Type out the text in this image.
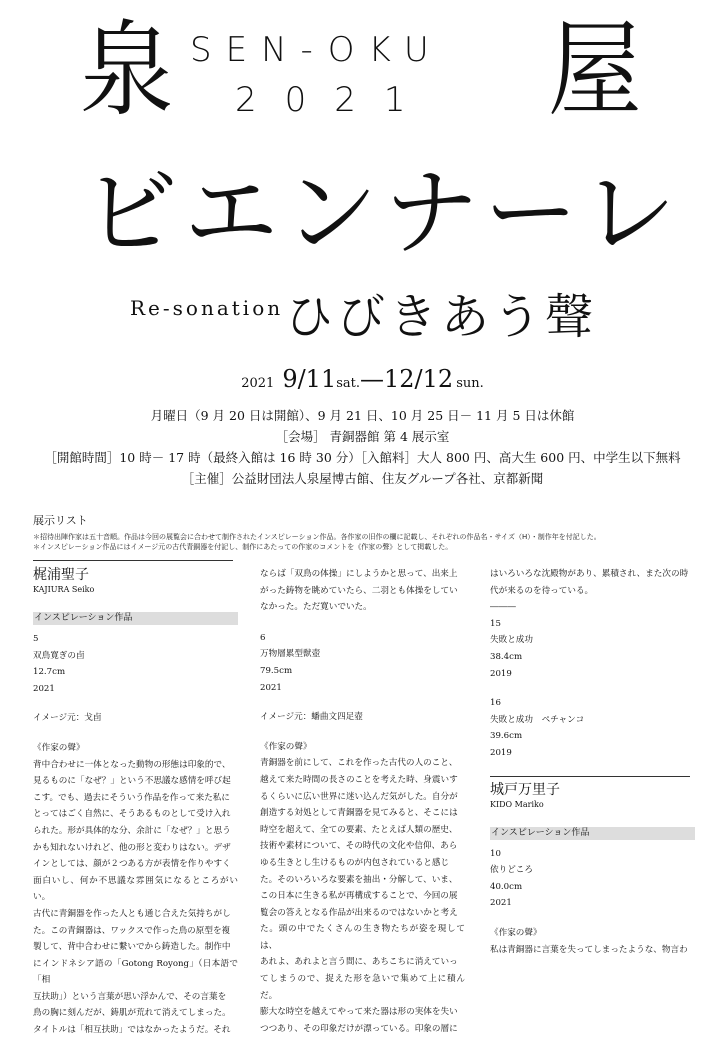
泉 SEN-OKU
2021 屋
ビエンナーレ
Re-sonation ひびきあう聲
2021 9/11sat.—12/12 sun.
月曜日（9 月 20 日は開館）、9 月 21 日、10 月 25 日－ 11 月 5 日は休館
［会場］ 青銅器館 第 4 展示室
［開館時間］10 時－ 17 時（最終入館は 16 時 30 分）［入館料］大人 800 円、高大生 600 円、中学生以下無料
［主催］公益財団法人泉屋博古館、住友グループ各社、京都新聞
展示リスト
＊招待出陣作家は五十音順。作品は今回の展覧会に合わせて制作されたインスピレーション作品。各作家の旧作の欄に記載し、それぞれの作品名・サイズ（H）・制作年を付記した。
＊インスピレーション作品にはイメージ元の古代青銅器を付記し、制作にあたっての作家のコメントを《作家の聲》として掲載した。
梶浦聖子
KAJIURA Seiko
インスピレーション作品

5

双鳥寛ぎの卣

12.7cm

2021

イメージ元：戈卣

《作家の聲》

背中合わせに一体となった動物の形態は印象的で、

見るものに「なぜ？」という不思議な感情を呼び起

こす。でも、過去にそういう作品を作って来た私に

とってはごく自然に、そうあるものとして受け入れ

られた。形が具体的な分、余計に「なぜ？」と思う

かも知れないけれど、他の形と変わりはない。デザ

インとしては、顔が２つある方が表情を作りやすく

面白いし、何か不思議な雰囲気になるところがいい。

古代に青銅器を作った人とも通じ合えた気持ちがし

た。この青銅器は、ワックスで作った鳥の原型を複

製して、背中合わせに繋いでから鋳造した。制作中

にインドネシア語の「Gotong Royong」（日本語で「相

互扶助」）という言葉が思い浮かんで、その言葉を

鳥の胸に刻んだが、鋳肌が荒れて消えてしまった。

タイトルは「相互扶助」ではなかったようだ。それ

ならば「双鳥の体操」にしようかと思って、出来上

がった鋳物を眺めていたら、二羽とも体操をしてい

なかった。ただ寛いでいた。

6

万物層累型獣壺

79.5cm

2021

イメージ元：蟠曲文四足壺

《作家の聲》

青銅器を前にして、これを作った古代の人のこと、

越えて来た時間の長さのことを考えた時、身震いす

るくらいに広い世界に迷い込んだ気がした。自分が

創造する対処として青銅器を見てみると、そこには

時空を超えて、全ての要素、たとえば人類の歴史、

技術や素材について、その時代の文化や信仰、あら

ゆる生きとし生けるものが内包されていると感じ

た。そのいろいろな要素を抽出・分解して、いま、

この日本に生きる私が再構成することで、今回の展

覧会の答えとなる作品が出来るのではないかと考え

た。頭の中でたくさんの生き物たちが姿を現しては、

あれよ、あれよと言う間に、あちこちに消えていっ

てしまうので、捉えた形を急いで集めて上に積んだ。

膨大な時空を越えてやって来た器は形の実体を失い

つつあり、その印象だけが漂っている。印象の層に

はいろいろな沈殿物があり、累積され、また次の時

代が来るのを待っている。

―――

15

失敗と成功

38.4cm

2019

16

失敗と成功　ペチャンコ

39.6cm

2019

城戸万里子
KIDO Mariko
インスピレーション作品

10

依りどころ

40.0cm

2021

《作家の聲》

私は青銅器に言葉を失ってしまったような、物言わ
